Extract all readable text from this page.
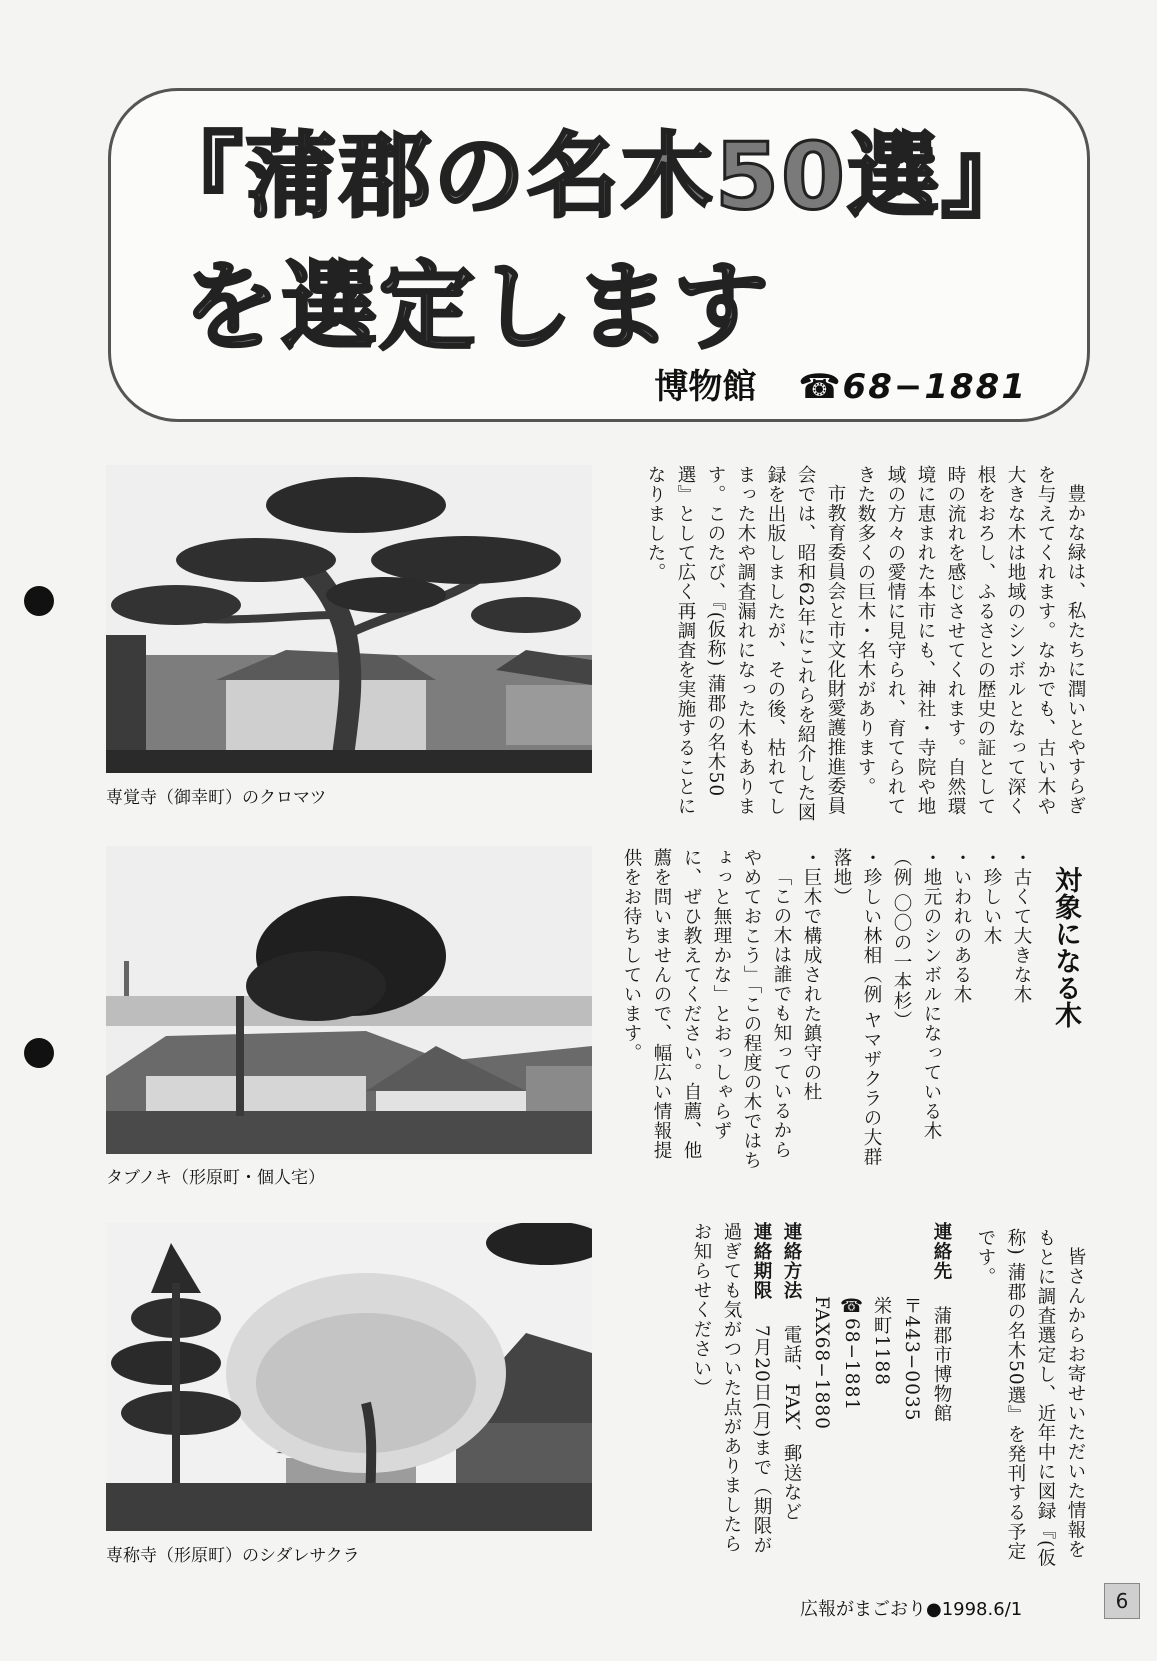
『蒲郡の名木50選』
を選定します
博物館 ☎68−1881
専覚寺（御幸町）のクロマツ
タブノキ（形原町・個人宅）
専称寺（形原町）のシダレサクラ

豊かな緑は、私たちに潤いとやすらぎを与えてくれます。なかでも、古い木や大きな木は地域のシンボルとなって深く根をおろし、ふるさとの歴史の証として時の流れを感じさせてくれます。自然環境に恵まれた本市にも、神社・寺院や地域の方々の愛情に見守られ、育てられてきた数多くの巨木・名木があります。

市教育委員会と市文化財愛護推進委員会では、昭和62年にこれらを紹介した図録を出版しましたが、その後、枯れてしまった木や調査漏れになった木もあります。このたび、『(仮称) 蒲郡の名木50選』として広く再調査を実施することになりました。

対象になる木

・古くて大きな木

・珍しい木

・いわれのある木

・地元のシンボルになっている木（例 〇〇の一本杉）

・珍しい林相（例 ヤマザクラの大群落地）

・巨木で構成された鎮守の杜

「この木は誰でも知っているからやめておこう」「この程度の木ではちょっと無理かな」とおっしゃらずに、ぜひ教えてください。自薦、他薦を問いませんので、幅広い情報提供をお待ちしています。

皆さんからお寄せいただいた情報をもとに調査選定し、近年中に図録『(仮称) 蒲郡の名木50選』を発刊する予定です。

連絡先 蒲郡市博物館

〒443−0035

栄町1188

☎68−1881

FAX68−1880

連絡方法 電話、FAX、郵送など

連絡期限 7月20日(月)まで（期限が過ぎても気がついた点がありましたらお知らせください）

広報がまごおり●1998.6/1	6
